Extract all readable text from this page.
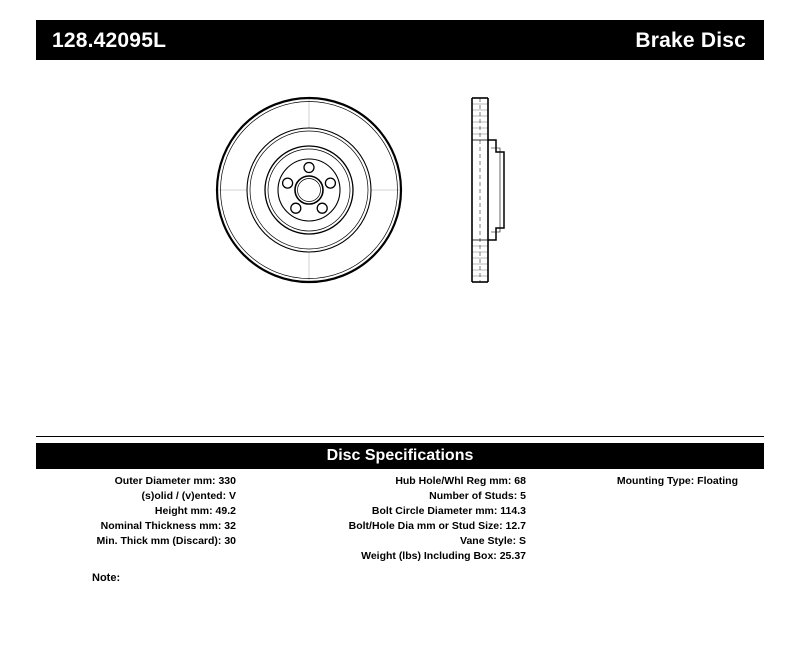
128.42095L	Brake Disc
Disc Specifications
Outer Diameter mm: 330
(s)olid / (v)ented: V
Height mm: 49.2
Nominal Thickness mm: 32
Min. Thick mm (Discard): 30
Hub Hole/Whl Reg mm: 68
Number of Studs: 5
Bolt Circle Diameter mm: 114.3
Bolt/Hole Dia mm or Stud Size: 12.7
Vane Style: S
Weight (lbs) Including Box: 25.37
Mounting Type: Floating
Note:
